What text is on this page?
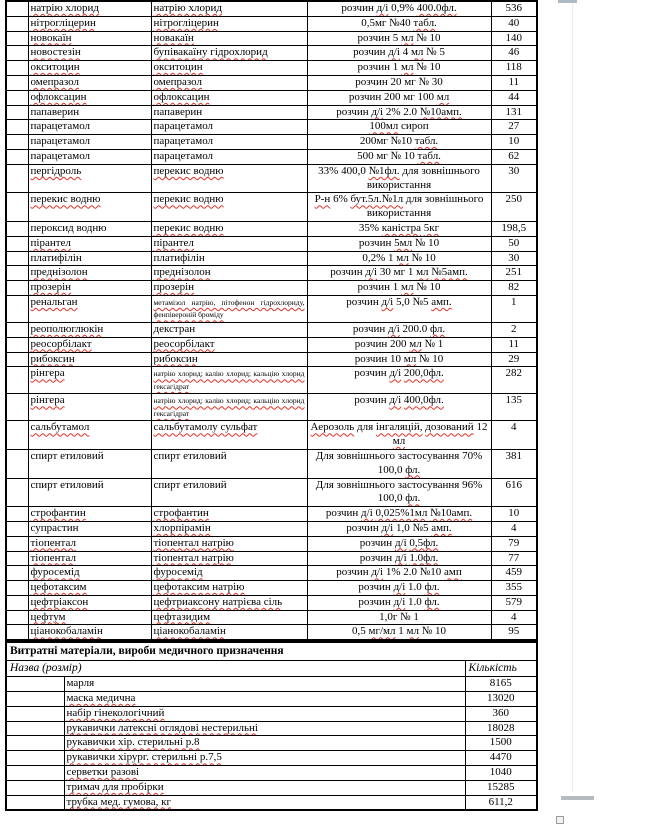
	натрію хлорид	натрію хлорид	розчин д/і 0,9% 400.0фл.	536
	нітрогліцерин	нітрогліцерин	0,5мг №40 табл.	40
	новокаїн	новакаїн	розчин 5 мл № 10	140
	новостезін	бупівакаїну гідрохлорид	розчин д/і 4 мл № 5	46
	окситоцин	окситоцин	розчин 1 мл № 10	118
	омепразол	омепразол	розчин 20 мг № 30	11
	офлоксацин	офлоксацин	розчин 200 мг 100 мл	44
	папаверин	папаверин	розчин д/і 2% 2.0 №10амп.	131
	парацетамол	парацетамол	100мл сироп	27
	парацетамол	парацетамол	200мг №10 табл.	10
	парацетамол	парацетамол	500 мг № 10 табл.	62
	пергідроль	перекис водню	33% 400,0 №1фл. для зовнішнього використання	30
	перекис водню	перекис водню	Р-н 6% бут.5л.№1л для зовнішнього використання	250
	пероксид водню	перекис водню	35% каністра 5кг	198,5
	пірантел	пірантел	розчин 5мл № 10	50
	платифілін	платифілін	0,2% 1 мл № 10	30
	преднізолон	преднізолон	розчин д/і 30 мг 1 мл №5амп.	251
	прозерін	прозерін	розчин 1 мл № 10	82
	ренальган	метамізол натрію, пітофенон гідрохлориду, фенпівероній броміду	розчин д/і 5,0 №5 амп.	1
	реополюглюкін	декстран	розчин д/і 200.0 фл.	2
	реосорбілакт	реосорбілакт	розчин 200 мл № 1	11
	рибоксин	рибоксин	розчин 10 мл № 10	29
	рінгера	натрію хлорид; калію хлорид; кальцію хлорид гексагідрат	розчин д/і 200,0фл.	282
	рінгера	натрію хлорид; калію хлорид; кальцію хлорид гексагідрат	розчин д/і 400,0фл.	135
	сальбутамол	сальбутамолу сульфат	Аерозоль для інгаляцій, дозований 12 мл	4
	спирт етиловий	спирт етиловий	Для зовнішнього застосування 70% 100,0 фл.	381
	спирт етиловий	спирт етиловий	Для зовнішнього застосування 96% 100,0 фл.	616
	строфантин	строфантин	розчин д/і 0,025%1мл №10амп.	10
	супрастин	хлорпірамін	розчин д/і 1,0 №5 амп.	4
	тіопентал	тіопентал натрію	розчин д/і 0,5фл.	79
	тіопентал	тіопентал натрію	розчин д/і 1.0фл.	77
	фуросемід	фуросемід	розчин д/і 1% 2.0 №10 амп	459
	цефотаксим	цефотаксим натрію	розчин д/і 1.0 фл.	355
	цефтріаксон	цефтриаксону натрієва сіль	розчин д/і 1.0 фл.	579
	цефтум	цефтазидим	1,0г № 1	4
	ціанокобаламін	ціанокобаламін	0,5 мг/мл 1 мл № 10	95
Витратні матеріали, вироби медичного призначення		
Назва (розмір)		Кількість
	марля	8165
	маска медична	13020
	набір гінекологічний	360
	рукавички латексні оглядові нестерильні	18028
	рукавички хір. стерильні р.8	1500
	рукавички хірург. стерильні р.7,5	4470
	серветки разові	1040
	тримач для пробірки	15285
	трубка мед. гумова, кг	611,2
